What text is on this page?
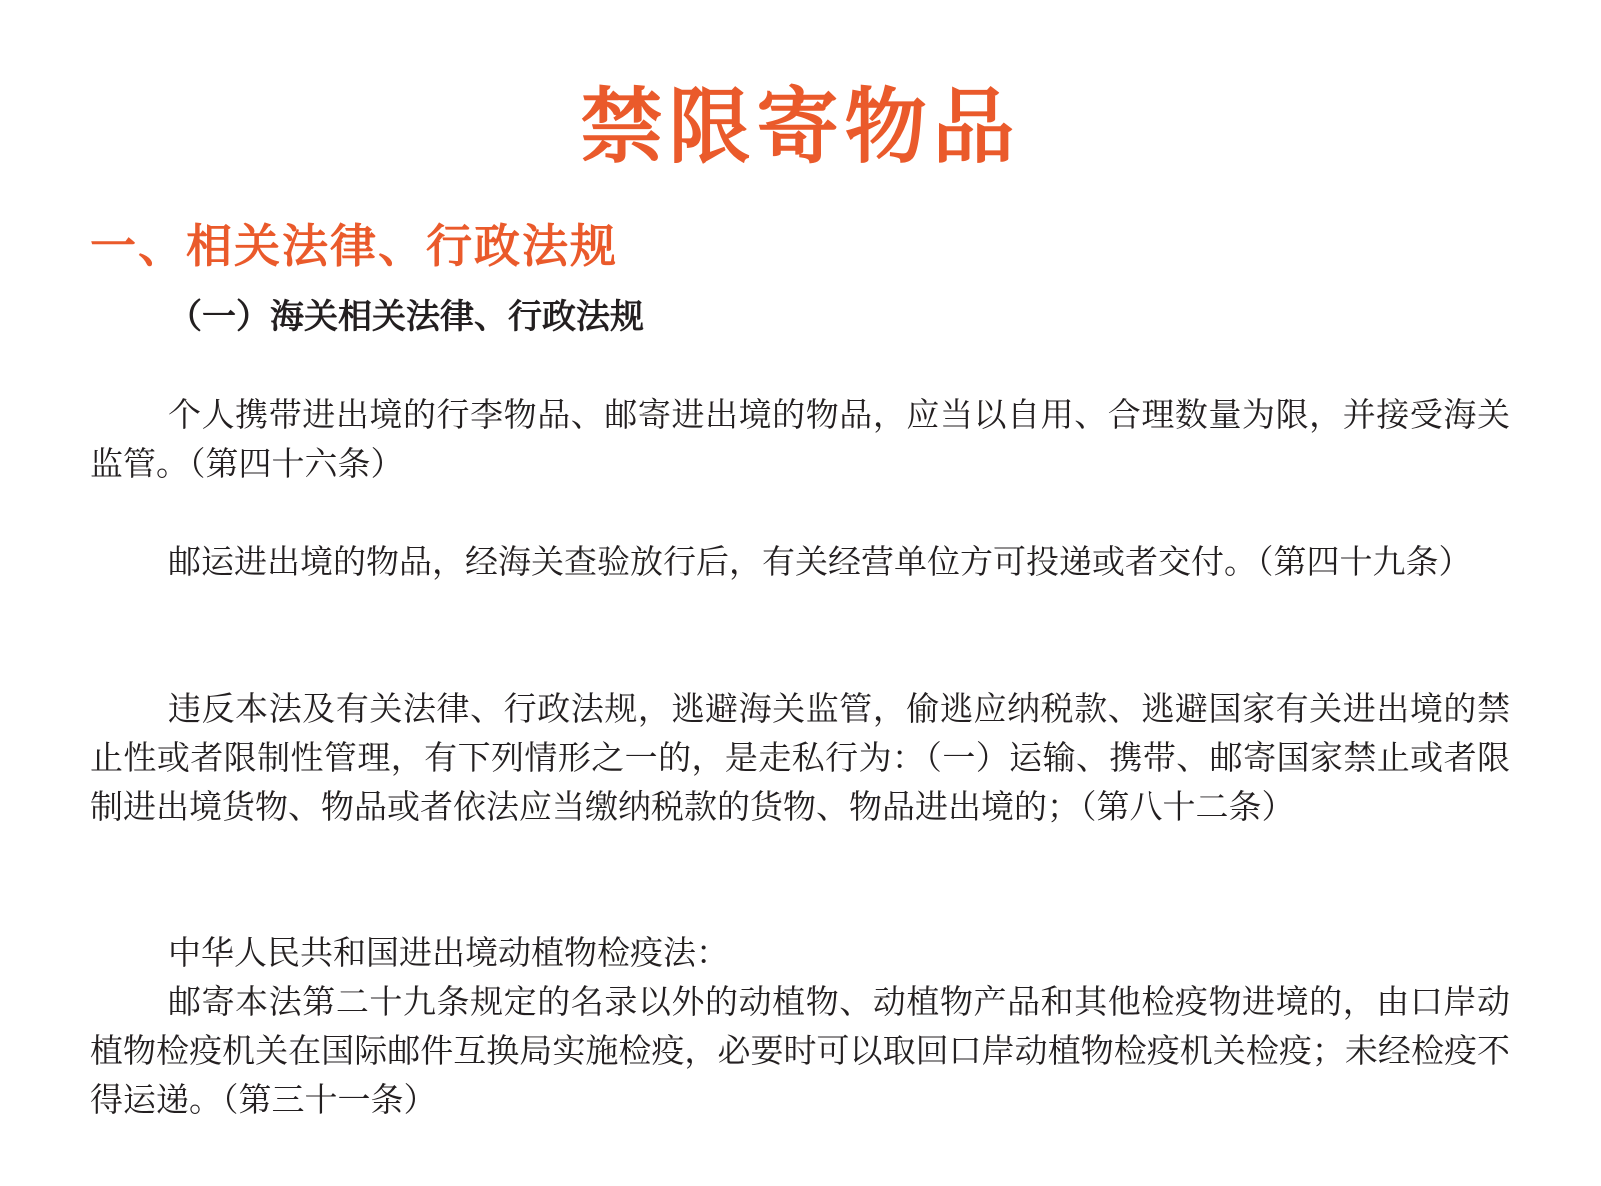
禁限寄物品
一、相关法律、行政法规
（一）海关相关法律、行政法规

个人携带进出境的行李物品、邮寄进出境的物品，应当以自用、合理数量为限，并接受海关监管。（第四十六条）

邮运进出境的物品，经海关查验放行后，有关经营单位方可投递或者交付。（第四十九条）

违反本法及有关法律、行政法规，逃避海关监管，偷逃应纳税款、逃避国家有关进出境的禁止性或者限制性管理，有下列情形之一的，是走私行为：（一）运输、携带、邮寄国家禁止或者限制进出境货物、物品或者依法应当缴纳税款的货物、物品进出境的；（第八十二条）

中华人民共和国进出境动植物检疫法：

邮寄本法第二十九条规定的名录以外的动植物、动植物产品和其他检疫物进境的，由口岸动植物检疫机关在国际邮件互换局实施检疫，必要时可以取回口岸动植物检疫机关检疫；未经检疫不得运递。（第三十一条）
